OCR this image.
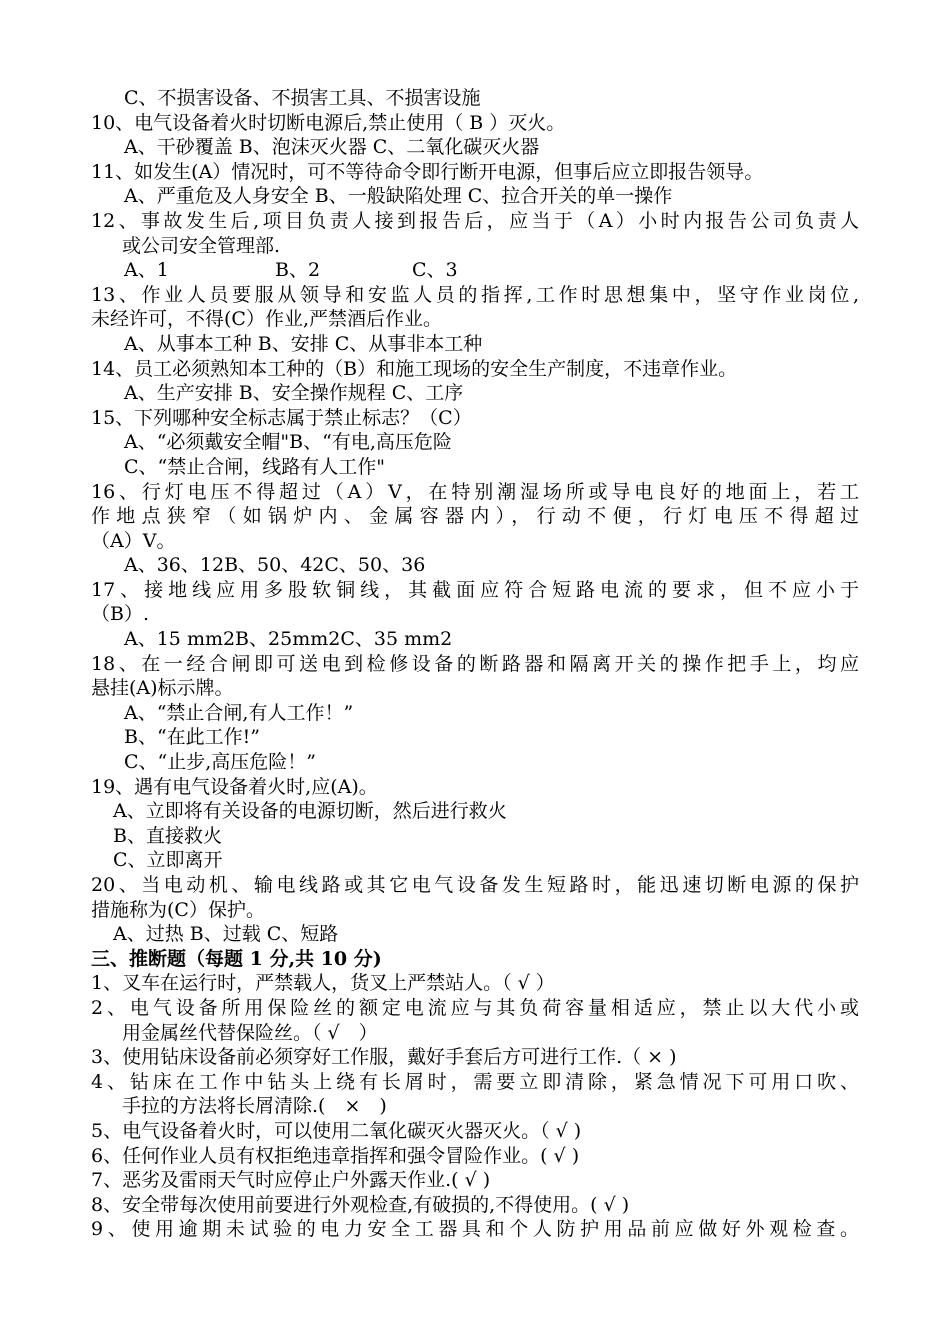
C、不损害设备、不损害工具、不损害设施
10、电气设备着火时切断电源后,禁止使用（ B ）灭火。
A、干砂覆盖 B、泡沫灭火器 C、二氧化碳灭火器
11、如发生(A）情况时，可不等待命令即行断开电源，但事后应立即报告领导。
A、严重危及人身安全 B、一般缺陷处理 C、拉合开关的单一操作
12、事故发生后,项目负责人接到报告后，应当于（A）小时内报告公司负责人
或公司安全管理部.
A、1	B、2	C、3
13、作业人员要服从领导和安监人员的指挥,工作时思想集中，坚守作业岗位,
未经许可，不得(C）作业,严禁酒后作业。
A、从事本工种 B、安排 C、从事非本工种
14、员工必须熟知本工种的（B）和施工现场的安全生产制度，不违章作业。
A、生产安排 B、安全操作规程 C、工序
15、下列哪种安全标志属于禁止标志？（C）
A、“必须戴安全帽"B、“有电,高压危险
C、“禁止合闸，线路有人工作"
16、行灯电压不得超过（A）V，在特别潮湿场所或导电良好的地面上，若工
作地点狭窄（如锅炉内、金属容器内），行动不便，行灯电压不得超过
（A）V。
A、36、12B、50、42C、50、36
17、接地线应用多股软铜线，其截面应符合短路电流的要求，但不应小于
（B）.
A、15 mm2B、25mm2C、35 mm2
18、在一经合闸即可送电到检修设备的断路器和隔离开关的操作把手上，均应
悬挂(A)标示牌。
A、“禁止合闸,有人工作！”
B、“在此工作!”
C、“止步,高压危险！”
19、遇有电气设备着火时,应(A)。
A、立即将有关设备的电源切断，然后进行救火
B、直接救火
C、立即离开
20、当电动机、输电线路或其它电气设备发生短路时，能迅速切断电源的保护
措施称为(C）保护。
A、过热 B、过载 C、短路
三、推断题（每题 1 分,共 10 分)
1、叉车在运行时，严禁载人，货叉上严禁站人。（ √ ）
2、电气设备所用保险丝的额定电流应与其负荷容量相适应，禁止以大代小或
用金属丝代替保险丝。（ √　）
3、使用钻床设备前必须穿好工作服，戴好手套后方可进行工作.（ × )
4、钻床在工作中钻头上绕有长屑时，需要立即清除，紧急情况下可用口吹、
手拉的方法将长屑清除.(　×　)
5、电气设备着火时，可以使用二氧化碳灭火器灭火。（ √ )
6、任何作业人员有权拒绝违章指挥和强令冒险作业。( √ )
7、恶劣及雷雨天气时应停止户外露天作业.( √ )
8、安全带每次使用前要进行外观检查,有破损的,不得使用。( √ )
9、使用逾期未试验的电力安全工器具和个人防护用品前应做好外观检查。
